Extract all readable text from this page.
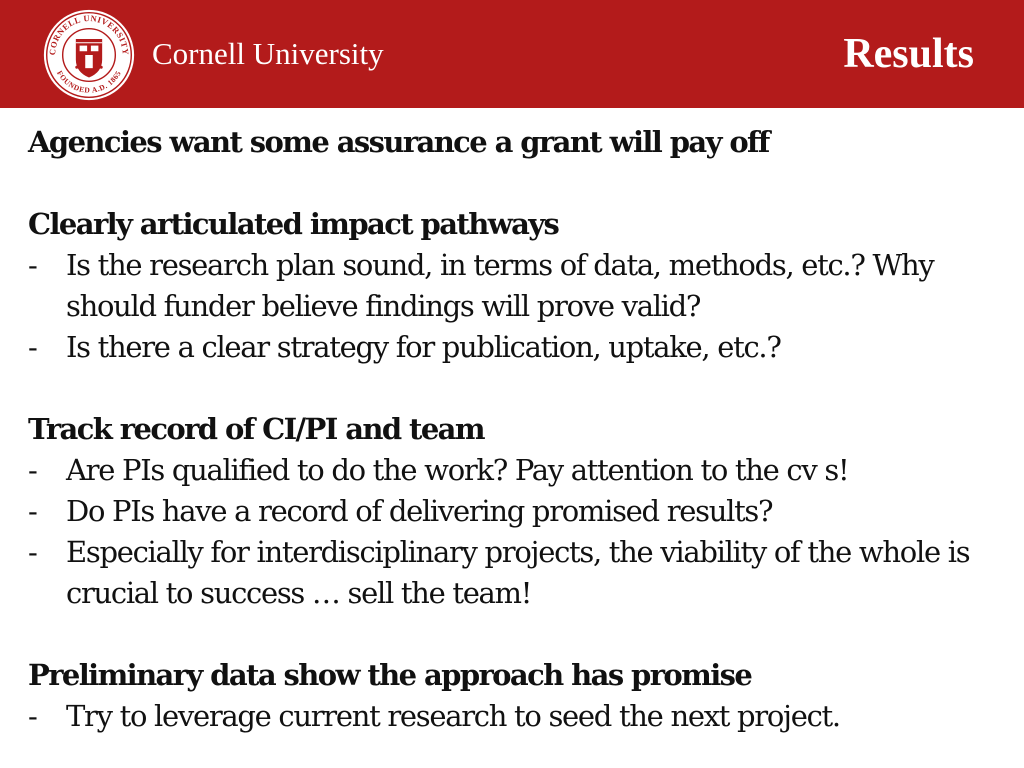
CORNELL UNIVERSITY
FOUNDED A.D. 1865
Cornell University	Results

Agencies want some assurance a grant will pay off

Clearly articulated impact pathways

-	Is the research plan sound, in terms of data, methods, etc.? Why should funder believe findings will prove valid?
-	Is there a clear strategy for publication, uptake, etc.?

Track record of CI/PI and team

-	Are PIs qualified to do the work? Pay attention to the cv s!
-	Do PIs have a record of delivering promised results?
-	Especially for interdisciplinary projects, the viability of the whole is crucial to success … sell the team!

Preliminary data show the approach has promise

-	Try to leverage current research to seed the next project.
